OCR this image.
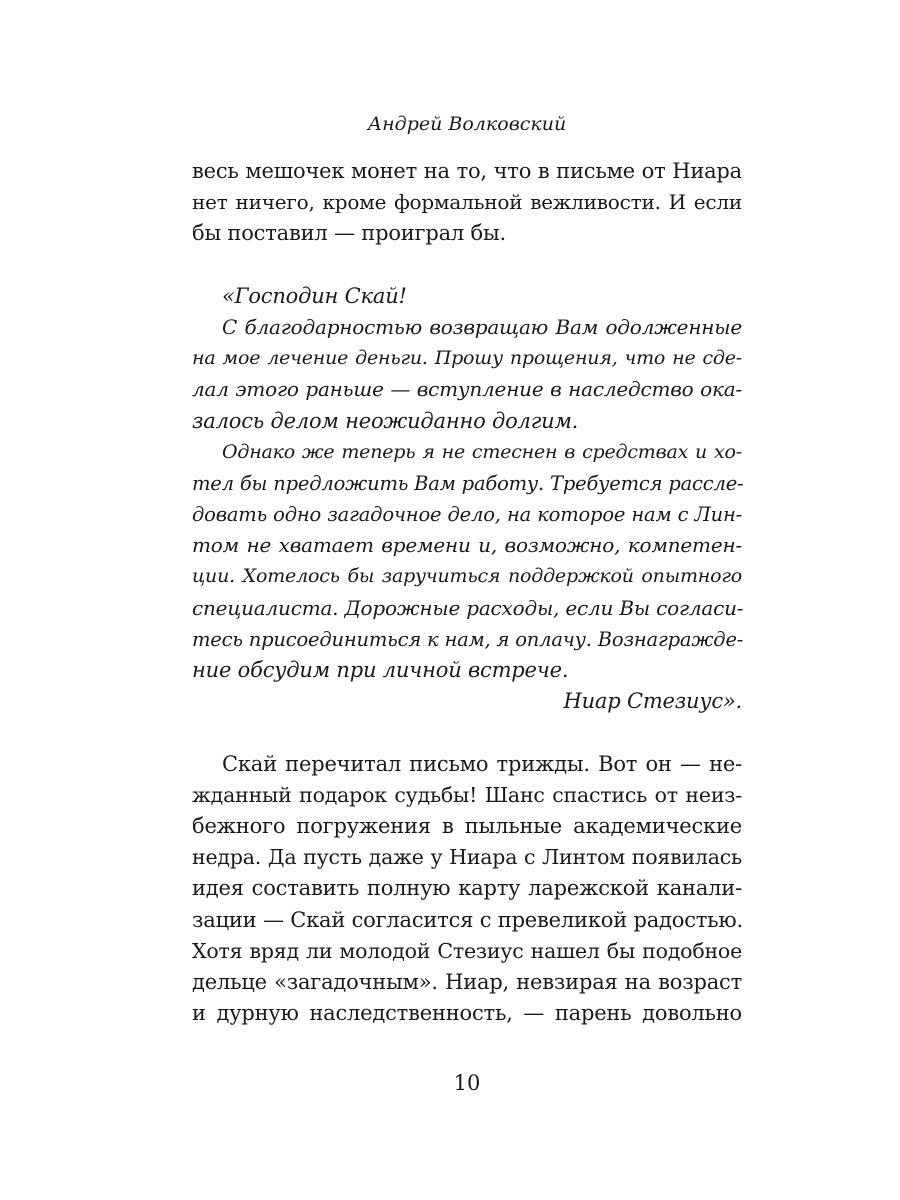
Андрей Волковский
весь мешочек монет на то, что в письме от Ниара
нет ничего, кроме формальной вежливости. И если
бы поставил — проиграл бы.
«Господин Скай!
С благодарностью возвращаю Вам одолженные
на мое лечение деньги. Прошу прощения, что не сде-
лал этого раньше — вступление в наследство ока-
залось делом неожиданно долгим.
Однако же теперь я не стеснен в средствах и хо-
тел бы предложить Вам работу. Требуется рассле-
довать одно загадочное дело, на которое нам с Лин-
том не хватает времени и, возможно, компетен-
ции. Хотелось бы заручиться поддержкой опытного
специалиста. Дорожные расходы, если Вы согласи-
тесь присоединиться к нам, я оплачу. Вознагражде-
ние обсудим при личной встрече.
Ниар Стезиус».
Скай перечитал письмо трижды. Вот он — не-
жданный подарок судьбы! Шанс спастись от неиз-
бежного погружения в пыльные академические
недра. Да пусть даже у Ниара с Линтом появилась
идея составить полную карту ларежской канали-
зации — Скай согласится с превеликой радостью.
Хотя вряд ли молодой Стезиус нашел бы подобное
дельце «загадочным». Ниар, невзирая на возраст
и дурную наследственность, — парень довольно
10
